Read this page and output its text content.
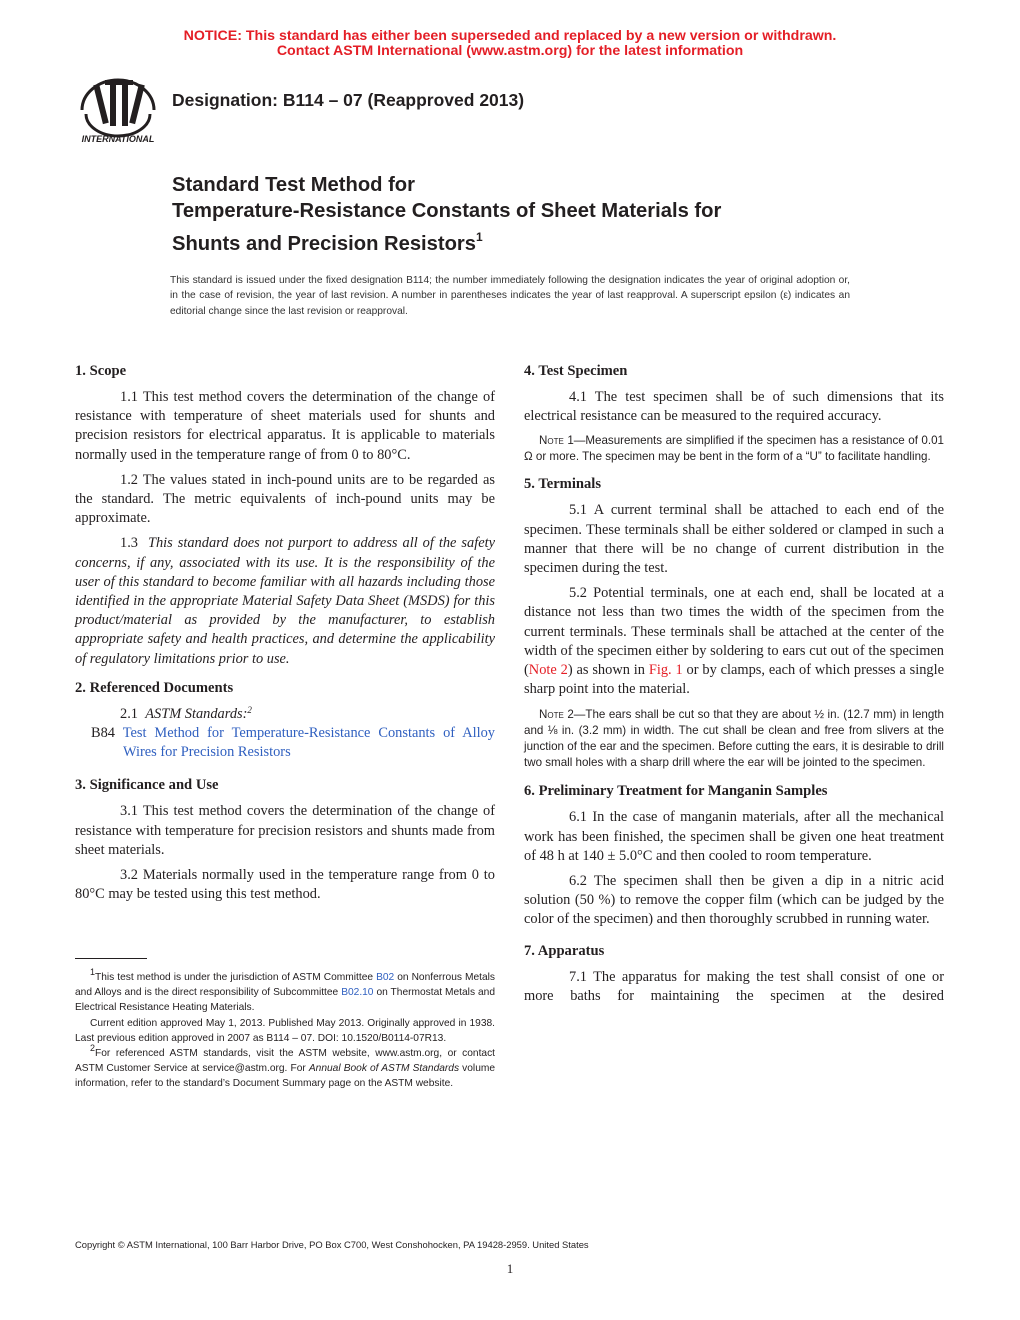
NOTICE: This standard has either been superseded and replaced by a new version or withdrawn.
Contact ASTM International (www.astm.org) for the latest information
INTERNATIONAL
Designation: B114 – 07 (Reapproved 2013)
Standard Test Method for
Temperature-Resistance Constants of Sheet Materials for
Shunts and Precision Resistors$^1$
This standard is issued under the fixed designation B114; the number immediately following the designation indicates the year of original adoption or, in the case of revision, the year of last revision. A number in parentheses indicates the year of last reapproval. A superscript epsilon (ε) indicates an editorial change since the last revision or reapproval.
1. Scope
1.1 This test method covers the determination of the change of resistance with temperature of sheet materials used for shunts and precision resistors for electrical apparatus. It is applicable to materials normally used in the temperature range of from 0 to 80°C.
1.2 The values stated in inch-pound units are to be regarded as the standard. The metric equivalents of inch-pound units may be approximate.
1.3 This standard does not purport to address all of the safety concerns, if any, associated with its use. It is the responsibility of the user of this standard to become familiar with all hazards including those identified in the appropriate Material Safety Data Sheet (MSDS) for this product/material as provided by the manufacturer, to establish appropriate safety and health practices, and determine the applicability of regulatory limitations prior to use.
2. Referenced Documents
2.1 ASTM Standards:$^2$
B84 Test Method for Temperature-Resistance Constants of Alloy Wires for Precision Resistors
3. Significance and Use
3.1 This test method covers the determination of the change of resistance with temperature for precision resistors and shunts made from sheet materials.
3.2 Materials normally used in the temperature range from 0 to 80°C may be tested using this test method.
$^1$This test method is under the jurisdiction of ASTM Committee B02 on Nonferrous Metals and Alloys and is the direct responsibility of Subcommittee B02.10 on Thermostat Metals and Electrical Resistance Heating Materials.
Current edition approved May 1, 2013. Published May 2013. Originally approved in 1938. Last previous edition approved in 2007 as B114 – 07. DOI: 10.1520/B0114-07R13.
$^2$For referenced ASTM standards, visit the ASTM website, www.astm.org, or contact ASTM Customer Service at service@astm.org. For Annual Book of ASTM Standards volume information, refer to the standard’s Document Summary page on the ASTM website.
4. Test Specimen
4.1 The test specimen shall be of such dimensions that its electrical resistance can be measured to the required accuracy.
Note 1—Measurements are simplified if the specimen has a resistance of 0.01 Ω or more. The specimen may be bent in the form of a “U” to facilitate handling.
5. Terminals
5.1 A current terminal shall be attached to each end of the specimen. These terminals shall be either soldered or clamped in such a manner that there will be no change of current distribution in the specimen during the test.
5.2 Potential terminals, one at each end, shall be located at a distance not less than two times the width of the specimen from the current terminals. These terminals shall be attached at the center of the width of the specimen either by soldering to ears cut out of the specimen (Note 2) as shown in Fig. 1 or by clamps, each of which presses a single sharp point into the material.
Note 2—The ears shall be cut so that they are about ½ in. (12.7 mm) in length and ⅛ in. (3.2 mm) in width. The cut shall be clean and free from slivers at the junction of the ear and the specimen. Before cutting the ears, it is desirable to drill two small holes with a sharp drill where the ear will be jointed to the specimen.
6. Preliminary Treatment for Manganin Samples
6.1 In the case of manganin materials, after all the mechanical work has been finished, the specimen shall be given one heat treatment of 48 h at 140 ± 5.0°C and then cooled to room temperature.
6.2 The specimen shall then be given a dip in a nitric acid solution (50 %) to remove the copper film (which can be judged by the color of the specimen) and then thoroughly scrubbed in running water.
7. Apparatus
7.1 The apparatus for making the test shall consist of one or more baths for maintaining the specimen at the desired
Copyright © ASTM International, 100 Barr Harbor Drive, PO Box C700, West Conshohocken, PA 19428-2959. United States
1
